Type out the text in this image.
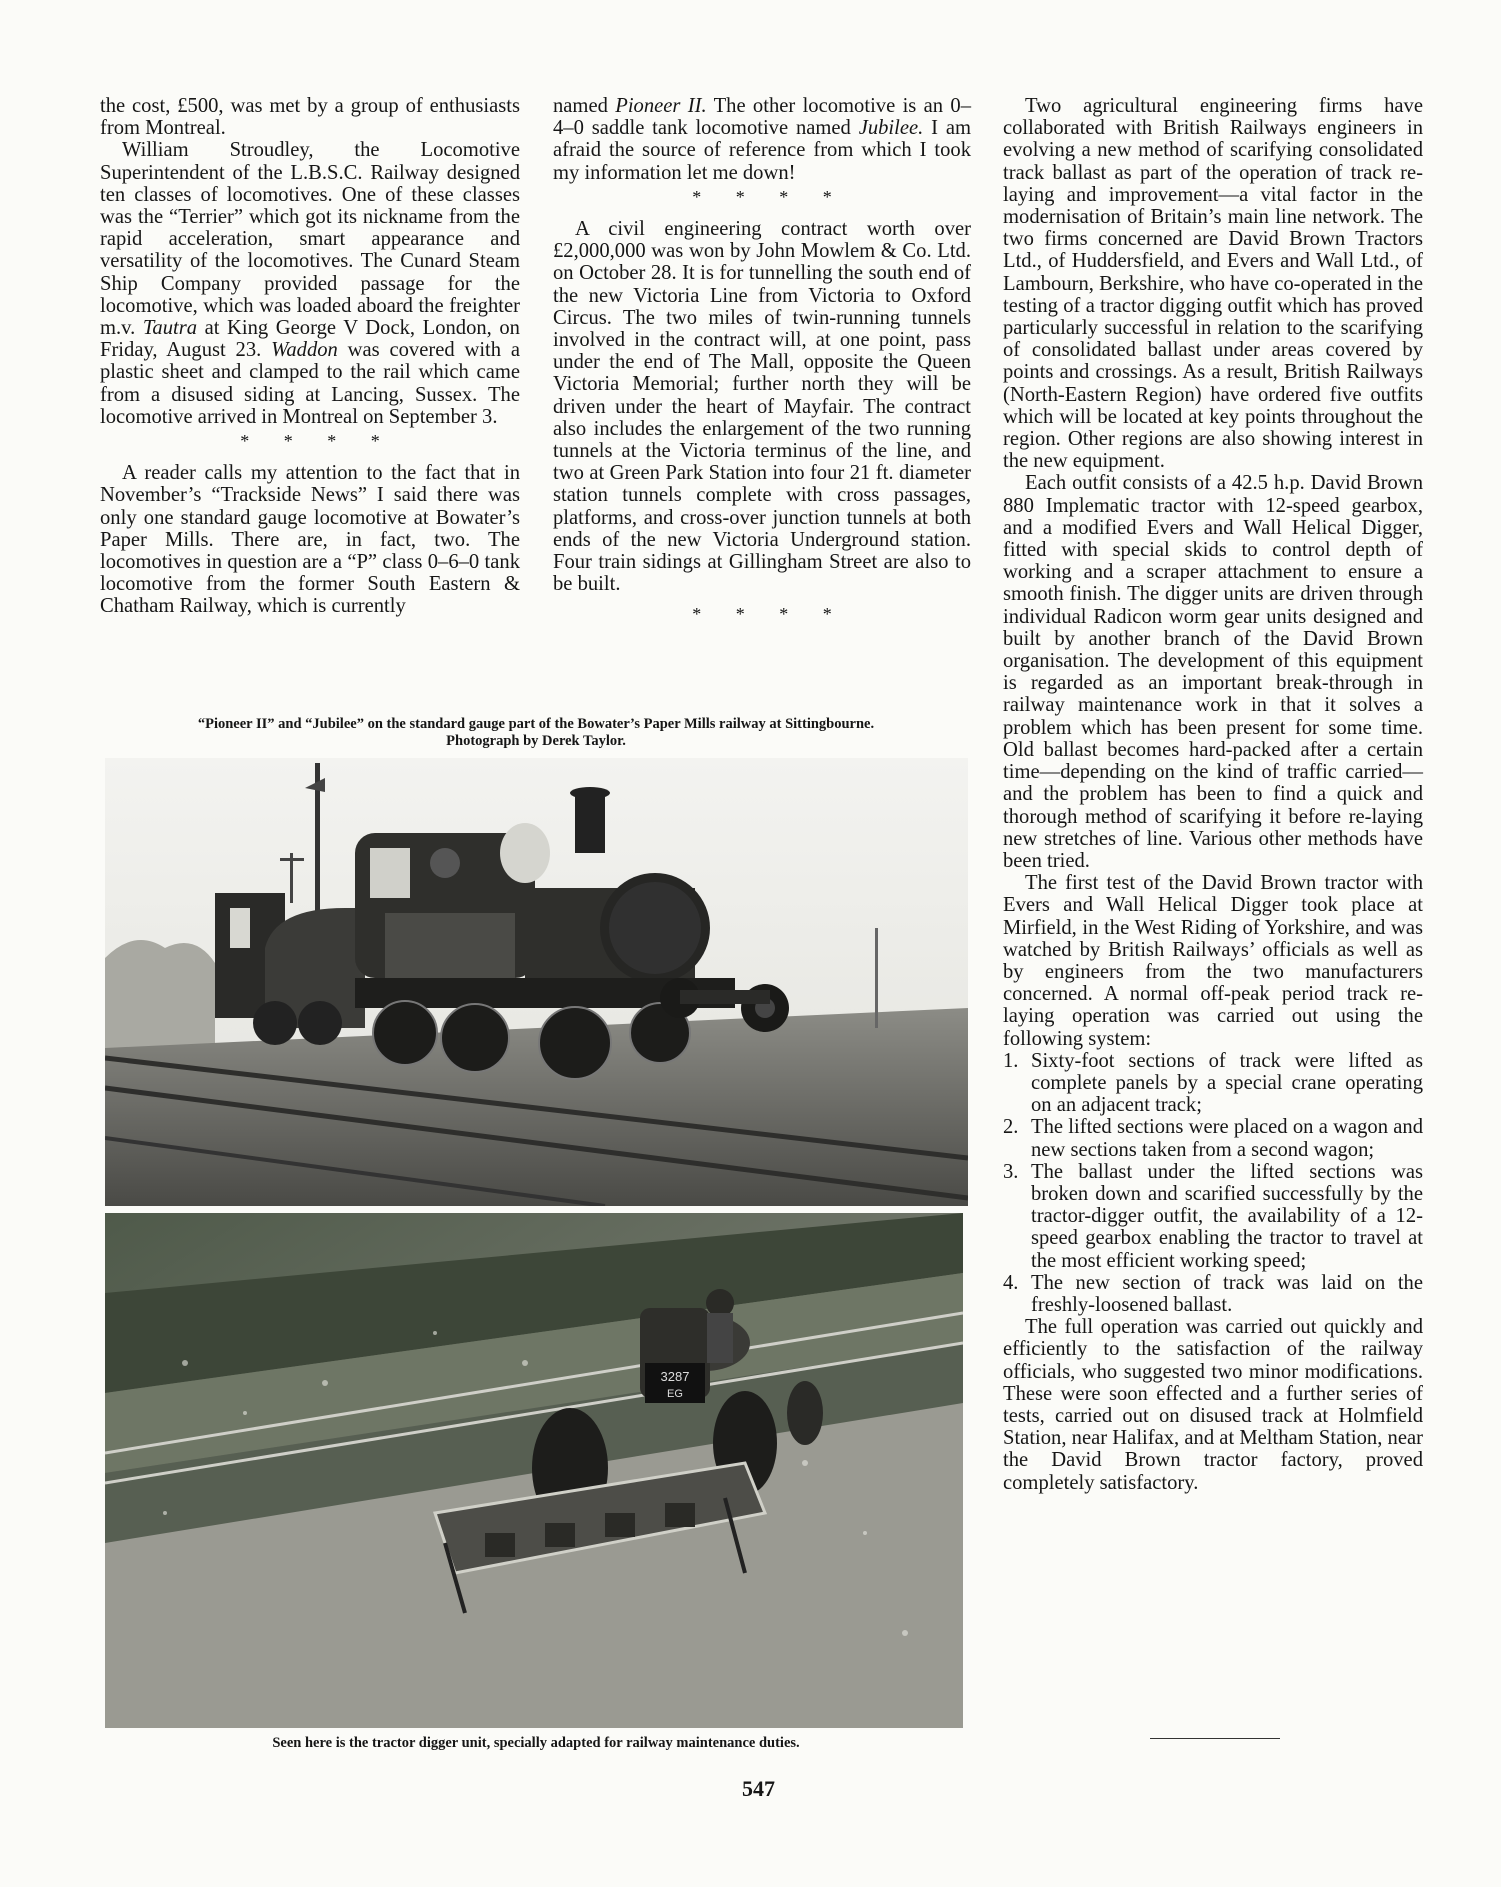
the cost, £500, was met by a group of enthusiasts from Montreal.

William Stroudley, the Locomotive Superintendent of the L.B.S.C. Railway designed ten classes of locomotives. One of these classes was the “Terrier” which got its nickname from the rapid acceleration, smart appearance and versatility of the locomotives. The Cunard Steam Ship Company provided passage for the locomotive, which was loaded aboard the freighter m.v. Tautra at King George V Dock, London, on Friday, August 23. Waddon was covered with a plastic sheet and clamped to the rail which came from a disused siding at Lancing, Sussex. The locomotive arrived in Montreal on September 3.

* * * *

A reader calls my attention to the fact that in November’s “Trackside News” I said there was only one standard gauge locomotive at Bowater’s Paper Mills. There are, in fact, two. The locomotives in question are a “P” class 0–6–0 tank locomotive from the former South Eastern & Chatham Railway, which is currently

named Pioneer II. The other locomotive is an 0–4–0 saddle tank locomotive named Jubilee. I am afraid the source of reference from which I took my information let me down!

* * * *

A civil engineering contract worth over £2,000,000 was won by John Mowlem & Co. Ltd. on October 28. It is for tunnelling the south end of the new Victoria Line from Victoria to Oxford Circus. The two miles of twin-running tunnels involved in the contract will, at one point, pass under the end of The Mall, opposite the Queen Victoria Memorial; further north they will be driven under the heart of Mayfair. The contract also includes the enlargement of the two running tunnels at the Victoria terminus of the line, and two at Green Park Station into four 21 ft. diameter station tunnels complete with cross passages, platforms, and cross-over junction tunnels at both ends of the new Victoria Underground station. Four train sidings at Gillingham Street are also to be built.

* * * *

Two agricultural engineering firms have collaborated with British Railways engineers in evolving a new method of scarifying consolidated track ballast as part of the operation of track re-laying and improvement—a vital factor in the modernisation of Britain’s main line network. The two firms concerned are David Brown Tractors Ltd., of Huddersfield, and Evers and Wall Ltd., of Lambourn, Berkshire, who have co-operated in the testing of a tractor digging outfit which has proved particularly successful in relation to the scarifying of consolidated ballast under areas covered by points and crossings. As a result, British Railways (North-Eastern Region) have ordered five outfits which will be located at key points throughout the region. Other regions are also showing interest in the new equipment.

Each outfit consists of a 42.5 h.p. David Brown 880 Implematic tractor with 12-speed gearbox, and a modified Evers and Wall Helical Digger, fitted with special skids to control depth of working and a scraper attachment to ensure a smooth finish. The digger units are driven through individual Radicon worm gear units designed and built by another branch of the David Brown organisation. The development of this equipment is regarded as an important break-through in railway maintenance work in that it solves a problem which has been present for some time. Old ballast becomes hard-packed after a certain time—depending on the kind of traffic carried—and the problem has been to find a quick and thorough method of scarifying it before re-laying new stretches of line. Various other methods have been tried.

The first test of the David Brown tractor with Evers and Wall Helical Digger took place at Mirfield, in the West Riding of Yorkshire, and was watched by British Railways’ officials as well as by engineers from the two manufacturers concerned. A normal off-peak period track re-laying operation was carried out using the following system:

1. Sixty-foot sections of track were lifted as complete panels by a special crane operating on an adjacent track;
2. The lifted sections were placed on a wagon and new sections taken from a second wagon;
3. The ballast under the lifted sections was broken down and scarified successfully by the tractor-digger outfit, the availability of a 12-speed gearbox enabling the tractor to travel at the most efficient working speed;
4. The new section of track was laid on the freshly-loosened ballast.

The full operation was carried out quickly and efficiently to the satisfaction of the railway officials, who suggested two minor modifications. These were soon effected and a further series of tests, carried out on disused track at Holmfield Station, near Halifax, and at Meltham Station, near the David Brown tractor factory, proved completely satisfactory.

“Pioneer II” and “Jubilee” on the standard gauge part of the Bowater’s Paper Mills railway at Sittingbourne.
Photograph by Derek Taylor.
3287
EG
Seen here is the tractor digger unit, specially adapted for railway maintenance duties.
547
